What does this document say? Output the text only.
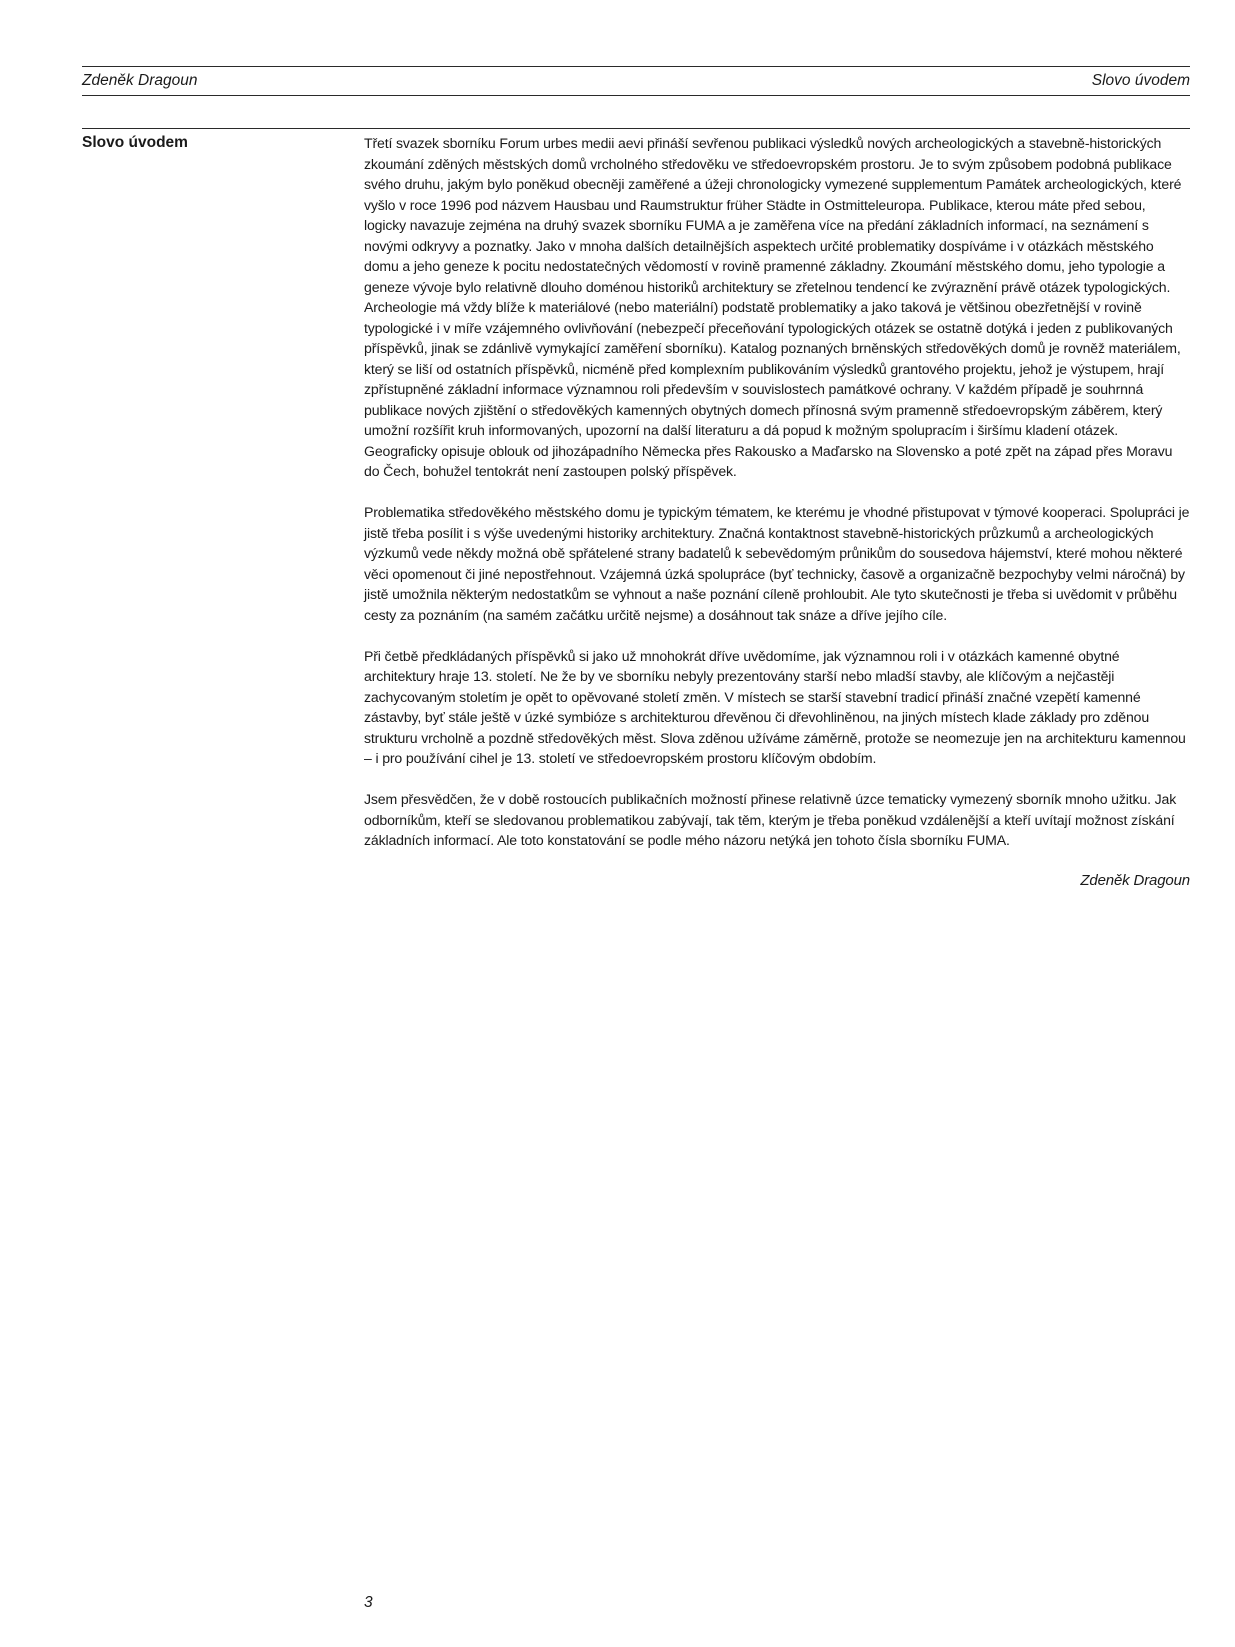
Zdeněk Dragoun	Slovo úvodem
Slovo úvodem	Třetí svazek sborníku Forum urbes medii aevi přináší sevřenou publikaci výsledků nových archeologických a stavebně-historických zkoumání zděných městských domů vrcholného středověku ve středoevropském prostoru. Je to svým způsobem podobná publikace svého druhu, jakým bylo poněkud obecněji zaměřené a úžeji chronologicky vymezené supplementum Památek archeologických, které vyšlo v roce 1996 pod názvem Hausbau und Raumstruktur früher Städte in Ostmitteleuropa. Publikace, kterou máte před sebou, logicky navazuje zejména na druhý svazek sborníku FUMA a je zaměřena více na předání základních informací, na seznámení s novými odkryvy a poznatky. Jako v mnoha dalších detailnějších aspektech určité problematiky dospíváme i v otázkách městského domu a jeho geneze k pocitu nedostatečných vědomostí v rovině pramenné základny. Zkoumání městského domu, jeho typologie a geneze vývoje bylo relativně dlouho doménou historiků architektury se zřetelnou tendencí ke zvýraznění právě otázek typologických. Archeologie má vždy blíže k materiálové (nebo materiální) podstatě problematiky a jako taková je většinou obezřetnější v rovině typologické i v míře vzájemného ovlivňování (nebezpečí přeceňování typologických otázek se ostatně dotýká i jeden z publikovaných příspěvků, jinak se zdánlivě vymykající zaměření sborníku). Katalog poznaných brněnských středověkých domů je rovněž materiálem, který se liší od ostatních příspěvků, nicméně před komplexním publikováním výsledků grantového projektu, jehož je výstupem, hrají zpřístupněné základní informace významnou roli především v souvislostech památkové ochrany. V každém případě je souhrnná publikace nových zjištění o středověkých kamenných obytných domech přínosná svým pramenně středoevropským záběrem, který umožní rozšířit kruh informovaných, upozorní na další literaturu a dá popud k možným spolupracím i širšímu kladení otázek. Geograficky opisuje oblouk od jihozápadního Německa přes Rakousko a Maďarsko na Slovensko a poté zpět na západ přes Moravu do Čech, bohužel tentokrát není zastoupen polský příspěvek.

Problematika středověkého městského domu je typickým tématem, ke kterému je vhodné přistupovat v týmové kooperaci. Spolupráci je jistě třeba posílit i s výše uvedenými historiky architektury. Značná kontaktnost stavebně-historických průzkumů a archeologických výzkumů vede někdy možná obě spřátelené strany badatelů k sebevědomým průnikům do sousedova hájemství, které mohou některé věci opomenout či jiné nepostřehnout. Vzájemná úzká spolupráce (byť technicky, časově a organizačně bezpochyby velmi náročná) by jistě umožnila některým nedostatkům se vyhnout a naše poznání cíleně prohloubit. Ale tyto skutečnosti je třeba si uvědomit v průběhu cesty za poznáním (na samém začátku určitě nejsme) a dosáhnout tak snáze a dříve jejího cíle.

Při četbě předkládaných příspěvků si jako už mnohokrát dříve uvědomíme, jak významnou roli i v otázkách kamenné obytné architektury hraje 13. století. Ne že by ve sborníku nebyly prezentovány starší nebo mladší stavby, ale klíčovým a nejčastěji zachycovaným stoletím je opět to opěvované století změn. V místech se starší stavební tradicí přináší značné vzepětí kamenné zástavby, byť stále ještě v úzké symbióze s architekturou dřevěnou či dřevohliněnou, na jiných místech klade základy pro zděnou strukturu vrcholně a pozdně středověkých měst. Slova zděnou užíváme záměrně, protože se neomezuje jen na architekturu kamennou – i pro používání cihel je 13. století ve středoevropském prostoru klíčovým obdobím.

Jsem přesvědčen, že v době rostoucích publikačních možností přinese relativně úzce tematicky vymezený sborník mnoho užitku. Jak odborníkům, kteří se sledovanou problematikou zabývají, tak těm, kterým je třeba poněkud vzdálenější a kteří uvítají možnost získání základních informací. Ale toto konstatování se podle mého názoru netýká jen tohoto čísla sborníku FUMA.

Zdeněk Dragoun
3
